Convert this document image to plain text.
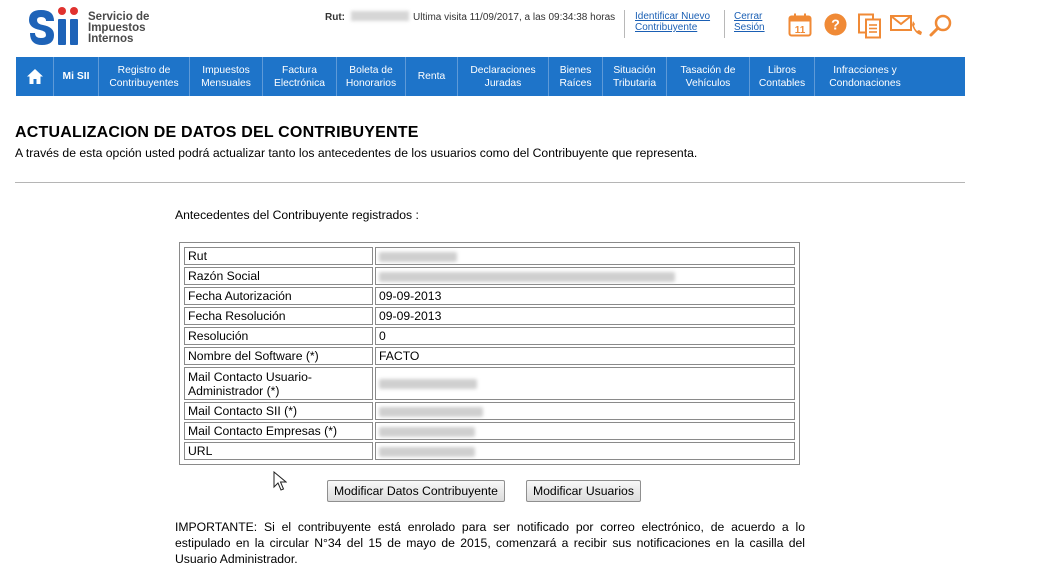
Servicio de
Impuestos
Internos
Rut:	Ultima visita 11/09/2017, a las 09:34:38 horas Identificar Nuevo
Contribuyente
Cerrar
Sesión	11 ?
Mi SII
Registro de
Contribuyentes
Impuestos
Mensuales
Factura
Electrónica
Boleta de
Honorarios
Renta
Declaraciones
Juradas
Bienes
Raíces
Situación
Tributaria
Tasación de
Vehículos
Libros
Contables
Infracciones y
Condonaciones
ACTUALIZACION DE DATOS DEL CONTRIBUYENTE
A través de esta opción usted podrá actualizar tanto los antecedentes de los usuarios como del Contribuyente que representa.
Antecedentes del Contribuyente registrados :
Rut	
Razón Social	
Fecha Autorización	09-09-2013
Fecha Resolución	09-09-2013
Resolución	0
Nombre del Software (*)	FACTO
Mail Contacto Usuario-
Administrador (*)	
Mail Contacto SII (*)	
Mail Contacto Empresas (*)	
URL	
Modificar Datos Contribuyente	Modificar Usuarios
IMPORTANTE: Si el contribuyente está enrolado para ser notificado por correo electrónico, de acuerdo a lo estipulado en la circular N°34 del 15 de mayo de 2015, comenzará a recibir sus notificaciones en la casilla del Usuario Administrador.
